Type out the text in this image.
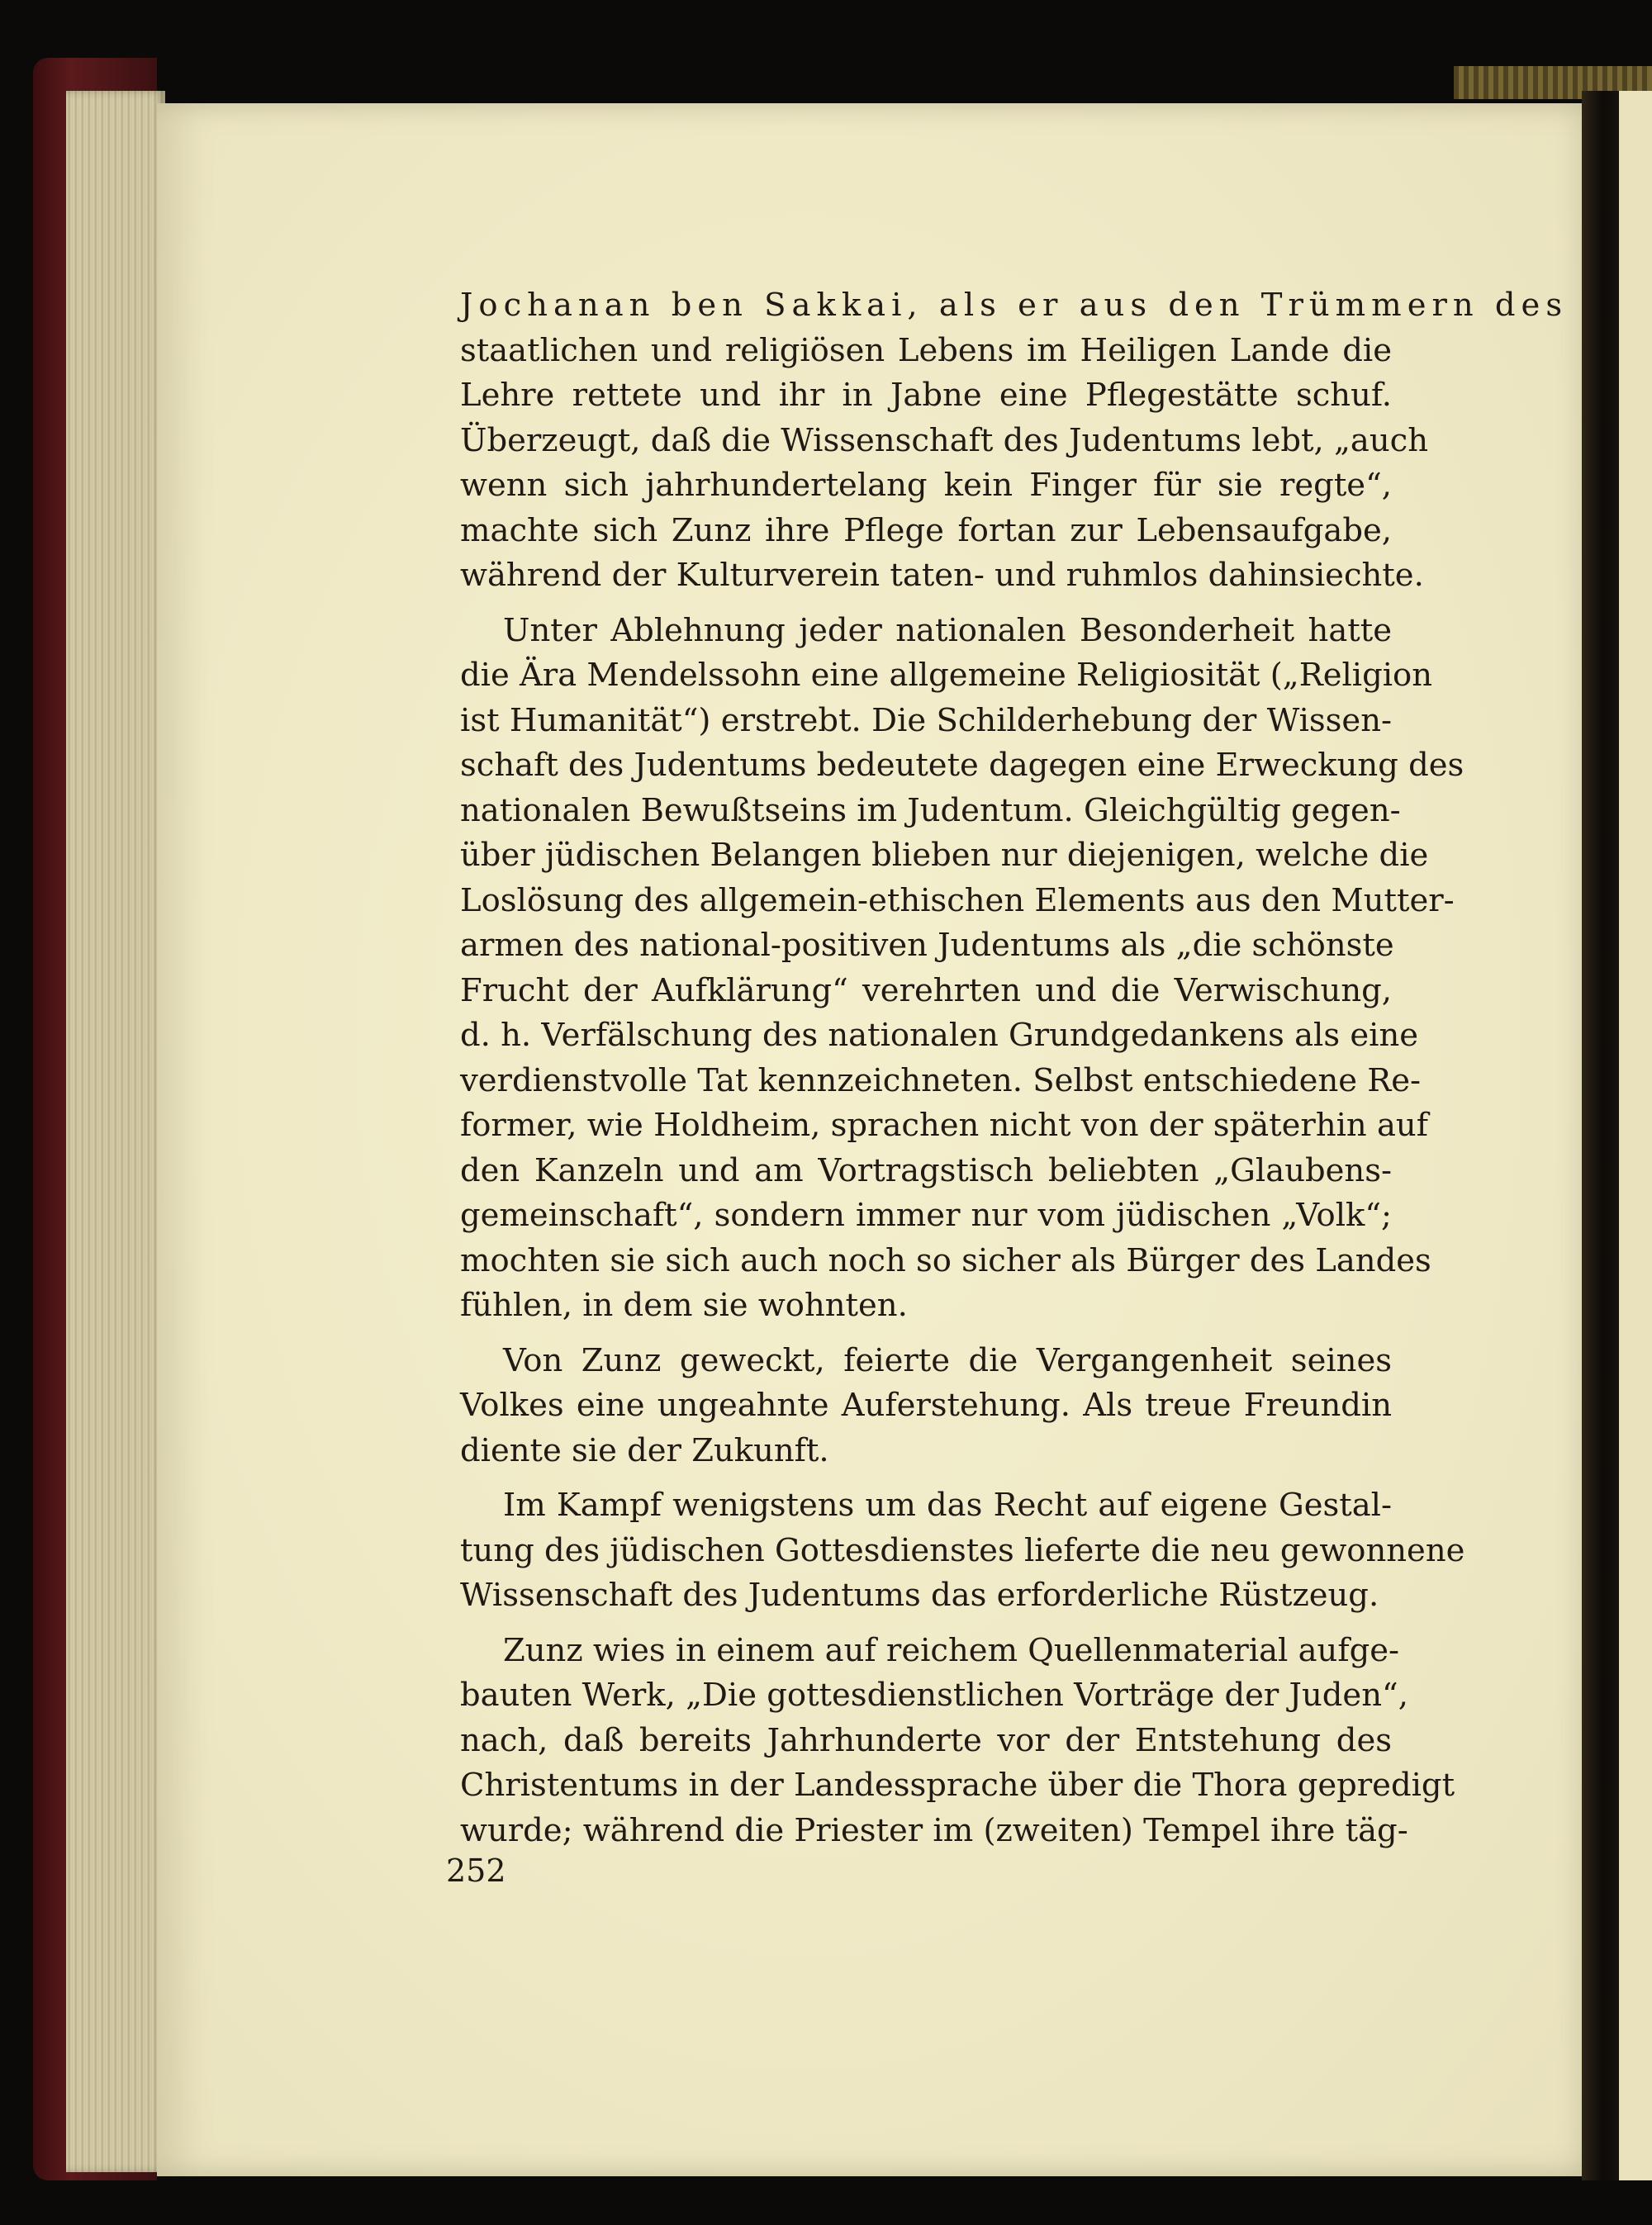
Jochanan ben Sakkai, als er aus den Trümmern des
staatlichen und religiösen Lebens im Heiligen Lande die
Lehre rettete und ihr in Jabne eine Pflegestätte schuf.
Überzeugt, daß die Wissenschaft des Judentums lebt, „auch
wenn sich jahrhundertelang kein Finger für sie regte“,
machte sich Zunz ihre Pflege fortan zur Lebensaufgabe,
während der Kulturverein taten- und ruhmlos dahinsiechte.

Unter Ablehnung jeder nationalen Besonderheit hatte
die Ära Mendelssohn eine allgemeine Religiosität („Religion
ist Humanität“) erstrebt. Die Schilderhebung der Wissen-
schaft des Judentums bedeutete dagegen eine Erweckung des
nationalen Bewußtseins im Judentum. Gleichgültig gegen-
über jüdischen Belangen blieben nur diejenigen, welche die
Loslösung des allgemein-ethischen Elements aus den Mutter-
armen des national-positiven Judentums als „die schönste
Frucht der Aufklärung“ verehrten und die Verwischung,
d. h. Verfälschung des nationalen Grundgedankens als eine
verdienstvolle Tat kennzeichneten. Selbst entschiedene Re-
former, wie Holdheim, sprachen nicht von der späterhin auf
den Kanzeln und am Vortragstisch beliebten „Glaubens-
gemeinschaft“, sondern immer nur vom jüdischen „Volk“;
mochten sie sich auch noch so sicher als Bürger des Landes
fühlen, in dem sie wohnten.

Von Zunz geweckt, feierte die Vergangenheit seines
Volkes eine ungeahnte Auferstehung. Als treue Freundin
diente sie der Zukunft.

Im Kampf wenigstens um das Recht auf eigene Gestal-
tung des jüdischen Gottesdienstes lieferte die neu gewonnene
Wissenschaft des Judentums das erforderliche Rüstzeug.

Zunz wies in einem auf reichem Quellenmaterial aufge-
bauten Werk, „Die gottesdienstlichen Vorträge der Juden“,
nach, daß bereits Jahrhunderte vor der Entstehung des
Christentums in der Landessprache über die Thora gepredigt
wurde; während die Priester im (zweiten) Tempel ihre täg-

252
